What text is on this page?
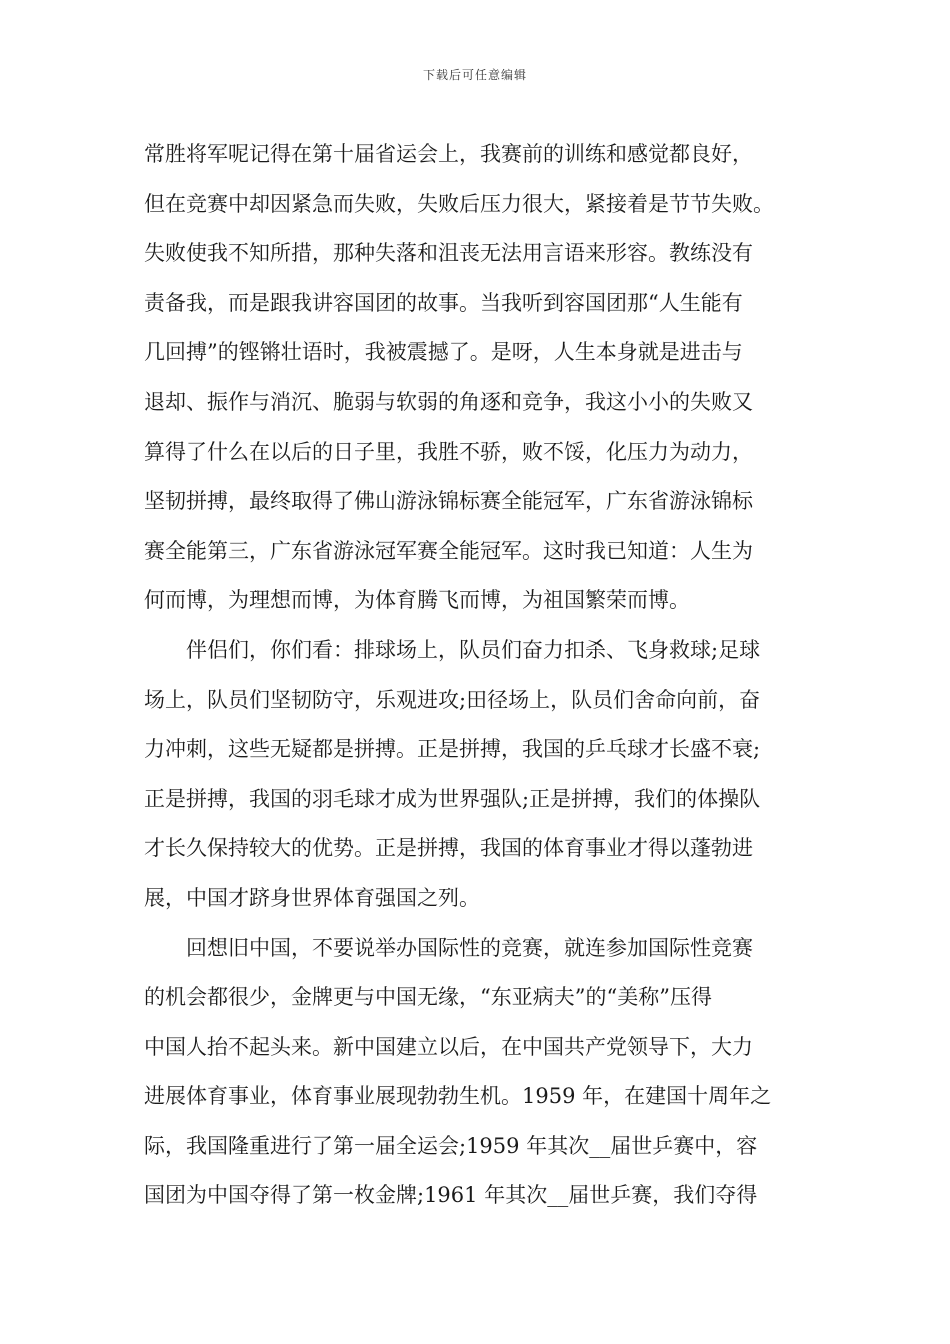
下载后可任意编辑
常胜将军呢记得在第十届省运会上，我赛前的训练和感觉都良好，
但在竞赛中却因紧急而失败，失败后压力很大，紧接着是节节失败。
失败使我不知所措，那种失落和沮丧无法用言语来形容。教练没有
责备我，而是跟我讲容国团的故事。当我听到容国团那“人生能有
几回搏”的铿锵壮语时，我被震撼了。是呀，人生本身就是进击与
退却、振作与消沉、脆弱与软弱的角逐和竞争，我这小小的失败又
算得了什么在以后的日子里，我胜不骄，败不馁，化压力为动力，
坚韧拼搏，最终取得了佛山游泳锦标赛全能冠军，广东省游泳锦标
赛全能第三，广东省游泳冠军赛全能冠军。这时我已知道：人生为
何而博，为理想而博，为体育腾飞而博，为祖国繁荣而博。
伴侣们，你们看：排球场上，队员们奋力扣杀、飞身救球;足球
场上，队员们坚韧防守，乐观进攻;田径场上，队员们舍命向前，奋
力冲刺，这些无疑都是拼搏。正是拼搏，我国的乒乓球才长盛不衰;
正是拼搏，我国的羽毛球才成为世界强队;正是拼搏，我们的体操队
才长久保持较大的优势。正是拼搏，我国的体育事业才得以蓬勃进
展，中国才跻身世界体育强国之列。
回想旧中国，不要说举办国际性的竞赛，就连参加国际性竞赛
的机会都很少，金牌更与中国无缘，“东亚病夫”的“美称”压得
中国人抬不起头来。新中国建立以后，在中国共产党领导下，大力
进展体育事业，体育事业展现勃勃生机。1959 年，在建国十周年之
际，我国隆重进行了第一届全运会;1959 年其次__届世乒赛中，容
国团为中国夺得了第一枚金牌;1961 年其次__届世乒赛，我们夺得
